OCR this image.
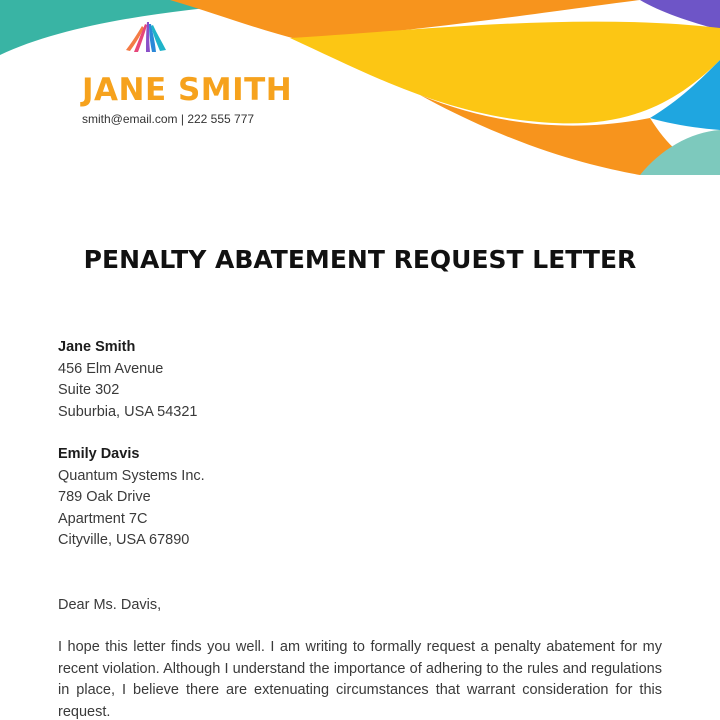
JANE SMITH
smith@email.com | 222 555 777
PENALTY ABATEMENT REQUEST LETTER
Jane Smith
456 Elm Avenue
Suite 302
Suburbia, USA 54321
Emily Davis
Quantum Systems Inc.
789 Oak Drive
Apartment 7C
Cityville, USA 67890
Dear Ms. Davis,

I hope this letter finds you well. I am writing to formally request a penalty abatement for my recent violation. Although I understand the importance of adhering to the rules and regulations in place, I believe there are extenuating circumstances that warrant consideration for this request.
